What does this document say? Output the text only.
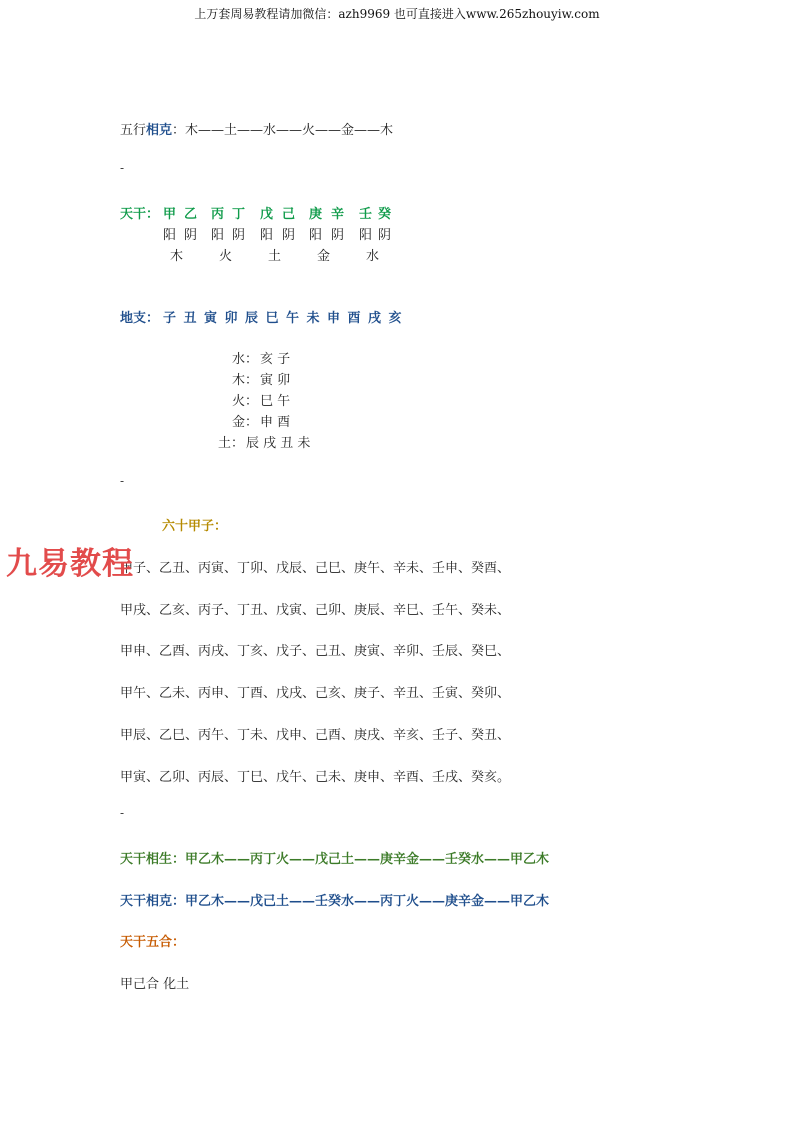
上万套周易教程请加微信：azh9969 也可直接进入www.265zhouyiw.com
五行相克：木——土——水——火——金——木
-
天干： 甲 乙 丙 丁 戊 己 庚 辛 壬 癸
阳 阴 阳 阴 阳 阴 阳 阴 阳 阴
木	火	土	金	水
地支： 子 丑 寅 卯 辰 巳 午 未 申 酉 戌 亥
水： 亥 子
木： 寅 卯
火： 巳 午
金： 申 酉
土： 辰 戌 丑 未
-
六十甲子：
甲子、乙丑、丙寅、丁卯、戊辰、己巳、庚午、辛未、壬申、癸酉、
甲戌、乙亥、丙子、丁丑、戊寅、己卯、庚辰、辛巳、壬午、癸未、
甲申、乙酉、丙戌、丁亥、戊子、己丑、庚寅、辛卯、壬辰、癸巳、
甲午、乙未、丙申、丁酉、戊戌、己亥、庚子、辛丑、壬寅、癸卯、
甲辰、乙巳、丙午、丁未、戊申、己酉、庚戌、辛亥、壬子、癸丑、
甲寅、乙卯、丙辰、丁巳、戊午、己未、庚申、辛酉、壬戌、癸亥。
-
天干相生：甲乙木——丙丁火——戊己土——庚辛金——壬癸水——甲乙木
天干相克：甲乙木——戊己土——壬癸水——丙丁火——庚辛金——甲乙木
天干五合：
甲己合 化土
九易教程
